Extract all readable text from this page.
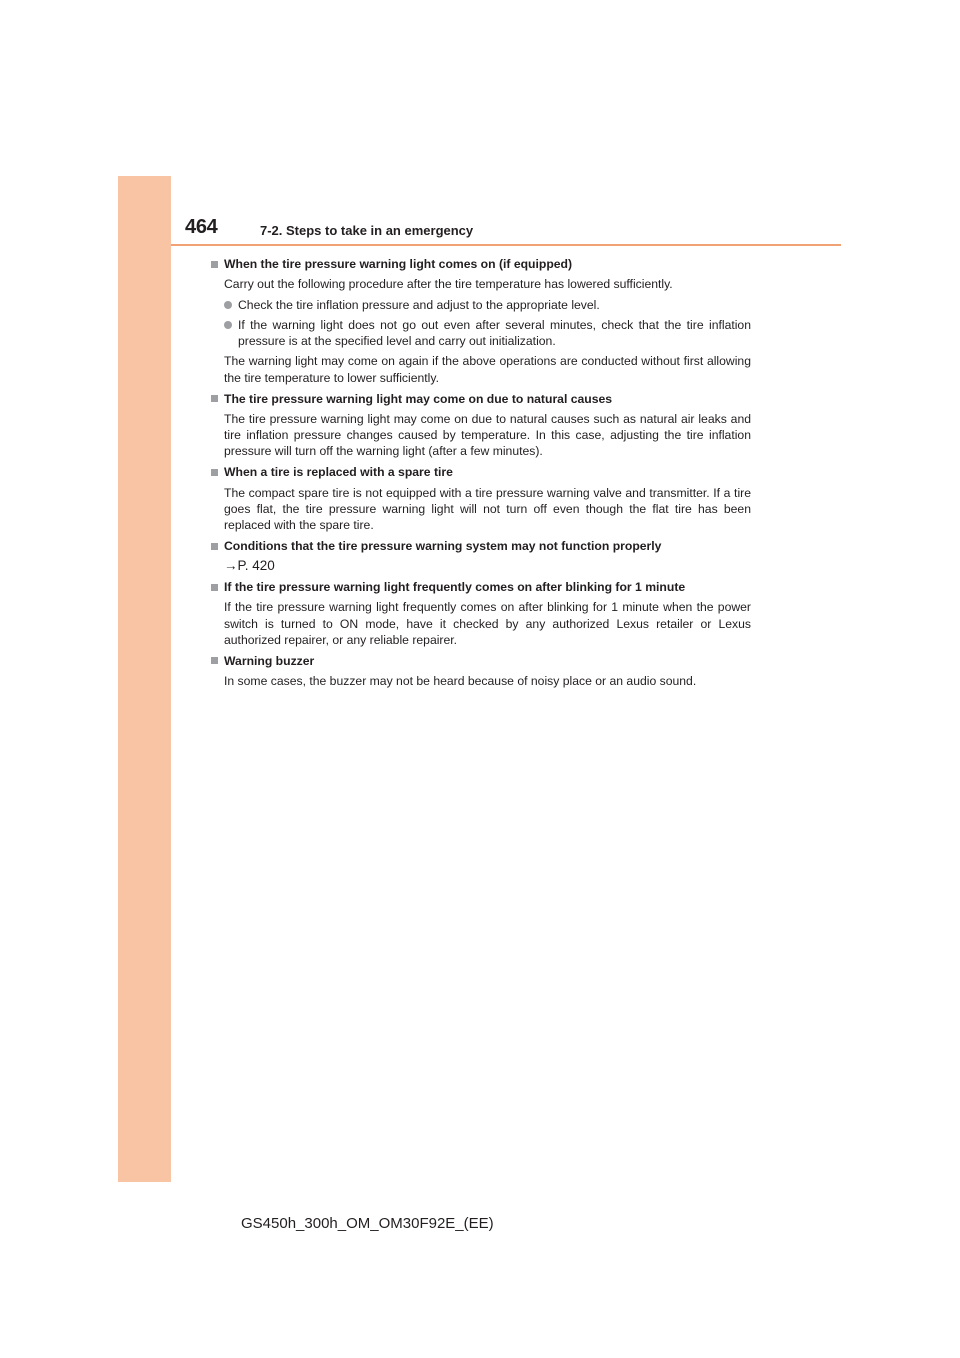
464	7-2. Steps to take in an emergency
When the tire pressure warning light comes on (if equipped)
Carry out the following procedure after the tire temperature has lowered sufficiently.
Check the tire inflation pressure and adjust to the appropriate level.
If the warning light does not go out even after several minutes, check that the tire inflation pressure is at the specified level and carry out initialization.
The warning light may come on again if the above operations are conducted without first allowing the tire temperature to lower sufficiently.
The tire pressure warning light may come on due to natural causes
The tire pressure warning light may come on due to natural causes such as natural air leaks and tire inflation pressure changes caused by temperature. In this case, adjusting the tire inflation pressure will turn off the warning light (after a few minutes).
When a tire is replaced with a spare tire
The compact spare tire is not equipped with a tire pressure warning valve and transmitter. If a tire goes flat, the tire pressure warning light will not turn off even though the flat tire has been replaced with the spare tire.
Conditions that the tire pressure warning system may not function properly
→P. 420
If the tire pressure warning light frequently comes on after blinking for 1 minute
If the tire pressure warning light frequently comes on after blinking for 1 minute when the power switch is turned to ON mode, have it checked by any authorized Lexus retailer or Lexus authorized repairer, or any reliable repairer.
Warning buzzer
In some cases, the buzzer may not be heard because of noisy place or an audio sound.
GS450h_300h_OM_OM30F92E_(EE)
